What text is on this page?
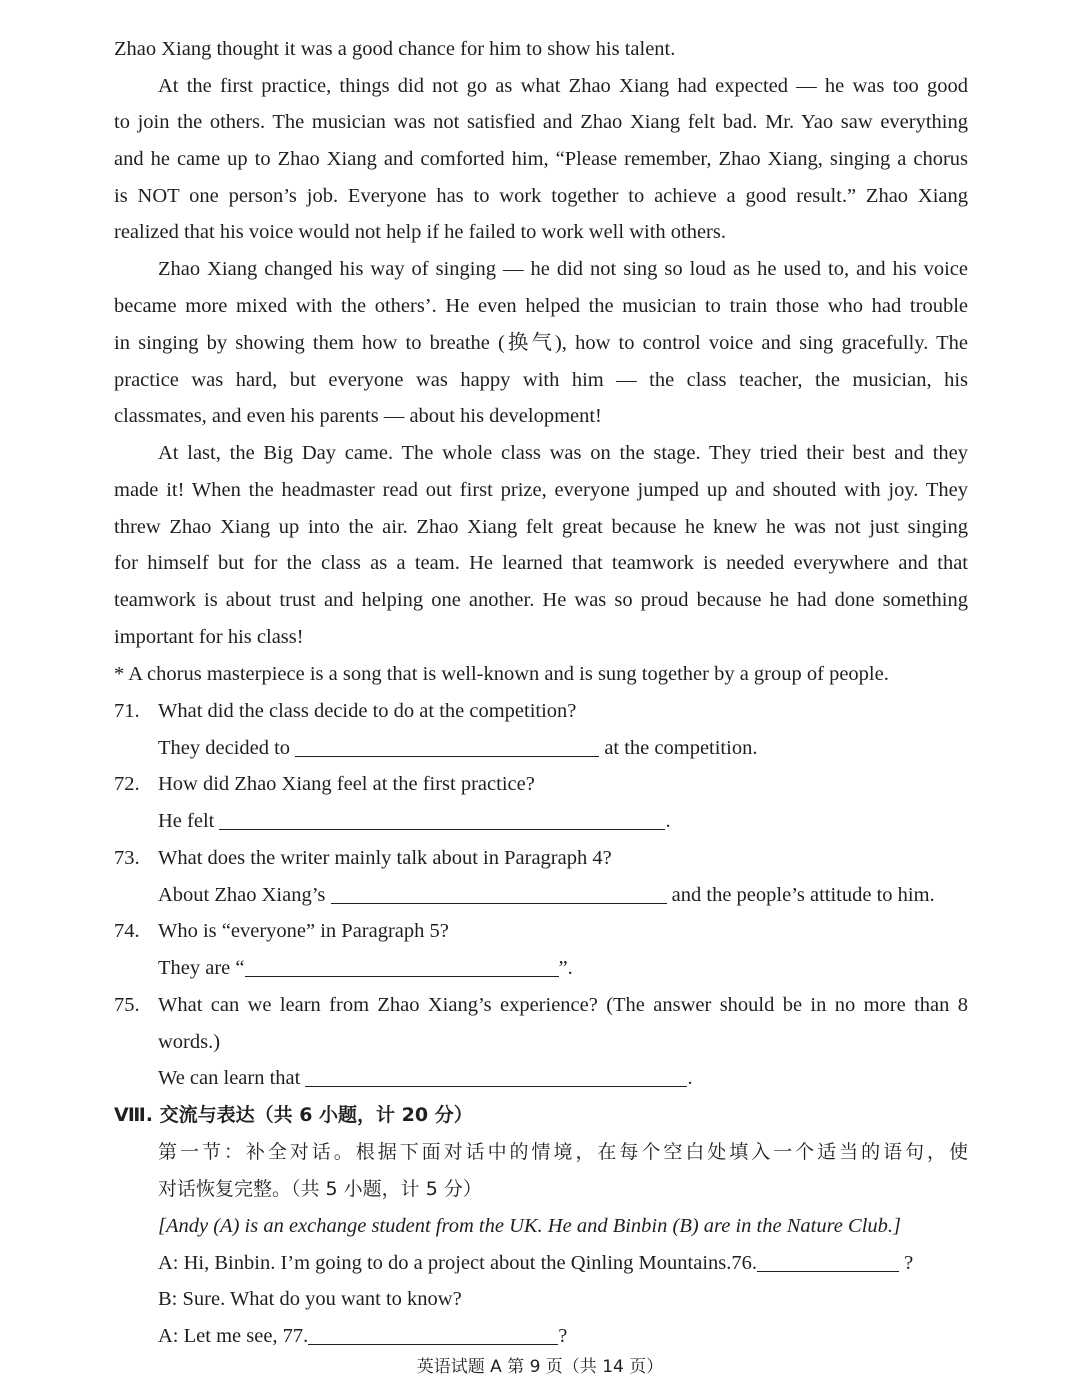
Zhao Xiang thought it was a good chance for him to show his talent.
At the first practice, things did not go as what Zhao Xiang had expected — he was too good
to join the others. The musician was not satisfied and Zhao Xiang felt bad. Mr. Yao saw everything
and he came up to Zhao Xiang and comforted him, “Please remember, Zhao Xiang, singing a chorus
is NOT one person’s job. Everyone has to work together to achieve a good result.” Zhao Xiang
realized that his voice would not help if he failed to work well with others.
Zhao Xiang changed his way of singing — he did not sing so loud as he used to, and his voice
became more mixed with the others’. He even helped the musician to train those who had trouble
in singing by showing them how to breathe (换气), how to control voice and sing gracefully. The
practice was hard, but everyone was happy with him — the class teacher, the musician, his
classmates, and even his parents — about his development!
At last, the Big Day came. The whole class was on the stage. They tried their best and they
made it! When the headmaster read out first prize, everyone jumped up and shouted with joy. They
threw Zhao Xiang up into the air. Zhao Xiang felt great because he knew he was not just singing
for himself but for the class as a team. He learned that teamwork is needed everywhere and that
teamwork is about trust and helping one another. He was so proud because he had done something
important for his class!
* A chorus masterpiece is a song that is well-known and is sung together by a group of people.
71. What did the class decide to do at the competition?
They decided to	at the competition.
72. How did Zhao Xiang feel at the first practice?
He felt	.
73. What does the writer mainly talk about in Paragraph 4?
About Zhao Xiang’s	and the people’s attitude to him.
74. Who is “everyone” in Paragraph 5?
They are “	”.
75. What can we learn from Zhao Xiang’s experience? (The answer should be in no more than 8
words.)
We can learn that	.
Ⅷ. 交流与表达（共 6 小题，计 20 分）
第一节：补全对话。根据下面对话中的情境，在每个空白处填入一个适当的语句，使
对话恢复完整。（共 5 小题，计 5 分）
[Andy (A) is an exchange student from the UK. He and Binbin (B) are in the Nature Club.]
A: Hi, Binbin. I’m going to do a project about the Qinling Mountains.76.	?
B: Sure. What do you want to know?
A: Let me see, 77.	?
英语试题 A 第 9 页（共 14 页）
